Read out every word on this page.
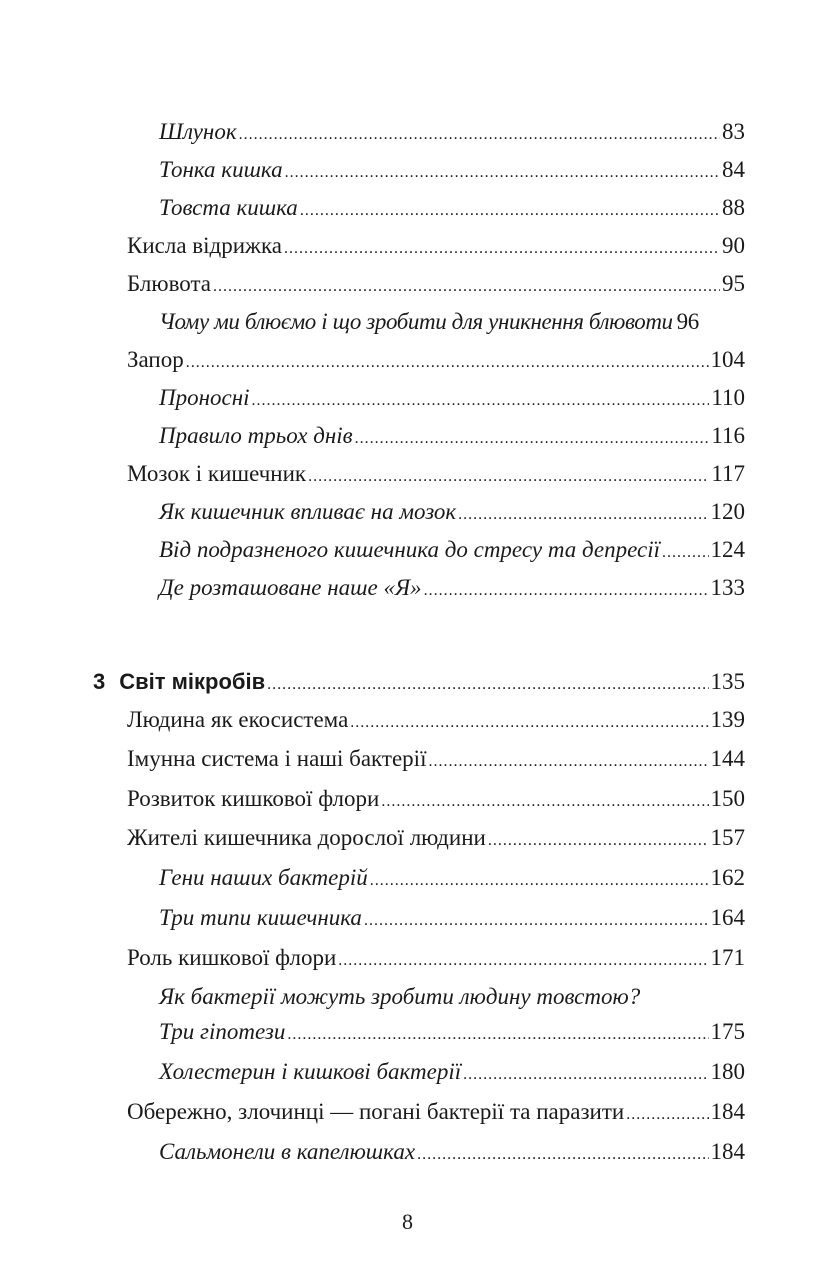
Шлунок .....	83
Тонка кишка .....	84
Товста кишка .....	88
Кисла відрижка .....	90
Блювота .....	95
Чому ми блюємо і що зробити для уникнення блювоти 96
Запор .....	104
Проносні .....	110
Правило трьох днів .....	116
Мозок і кишечник .....	117
Як кишечник впливає на мозок .....	120
Від подразненого кишечника до стресу та депресії ..... 124
Де розташоване наше «Я» .....	133
3 Світ мікробів .....	135
Людина як екосистема .....	139
Імунна система і наші бактерії .....	144
Розвиток кишкової флори .....	150
Жителі кишечника дорослої людини .....	157
Гени наших бактерій .....	162
Три типи кишечника .....	164
Роль кишкової флори .....	171
Як бактерії можуть зробити людину товстою?
Три гіпотези .....	175
Холестерин і кишкові бактерії .....	180
Обережно, злочинці — погані бактерії та паразити .....	184
Сальмонели в капелюшках .....	184
8
